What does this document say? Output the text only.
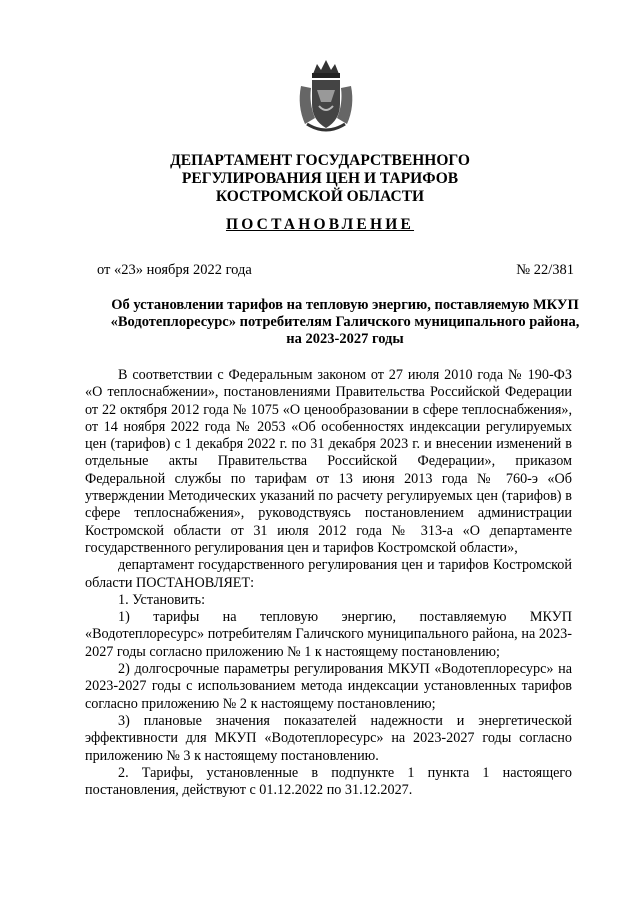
ДЕПАРТАМЕНТ ГОСУДАРСТВЕННОГО
РЕГУЛИРОВАНИЯ ЦЕН И ТАРИФОВ
КОСТРОМСКОЙ ОБЛАСТИ
ПОСТАНОВЛЕНИЕ
от «23» ноября 2022 года	№ 22/381
Об установлении тарифов на тепловую энергию, поставляемую МКУП «Водотеплоресурс» потребителям Галичского муниципального района, на 2023-2027 годы

В соответствии с Федеральным законом от 27 июля 2010 года № 190-ФЗ «О теплоснабжении», постановлениями Правительства Российской Федерации от 22 октября 2012 года № 1075 «О ценообразовании в сфере теплоснабжения», от 14 ноября 2022 года № 2053 «Об особенностях индексации регулируемых цен (тарифов) с 1 декабря 2022 г. по 31 декабря 2023 г. и внесении изменений в отдельные акты Правительства Российской Федерации», приказом Федеральной службы по тарифам от 13 июня 2013 года № 760-э «Об утверждении Методических указаний по расчету регулируемых цен (тарифов) в сфере теплоснабжения», руководствуясь постановлением администрации Костромской области от 31 июля 2012 года № 313-а «О департаменте государственного регулирования цен и тарифов Костромской области»,

департамент государственного регулирования цен и тарифов Костромской области ПОСТАНОВЛЯЕТ:

1. Установить:

1) тарифы на тепловую энергию, поставляемую МКУП «Водотеплоресурс» потребителям Галичского муниципального района, на 2023-2027 годы согласно приложению № 1 к настоящему постановлению;

2) долгосрочные параметры регулирования МКУП «Водотеплоресурс» на 2023-2027 годы с использованием метода индексации установленных тарифов согласно приложению № 2 к настоящему постановлению;

3) плановые значения показателей надежности и энергетической эффективности для МКУП «Водотеплоресурс» на 2023-2027 годы согласно приложению № 3 к настоящему постановлению.

2. Тарифы, установленные в подпункте 1 пункта 1 настоящего постановления, действуют с 01.12.2022 по 31.12.2027.
